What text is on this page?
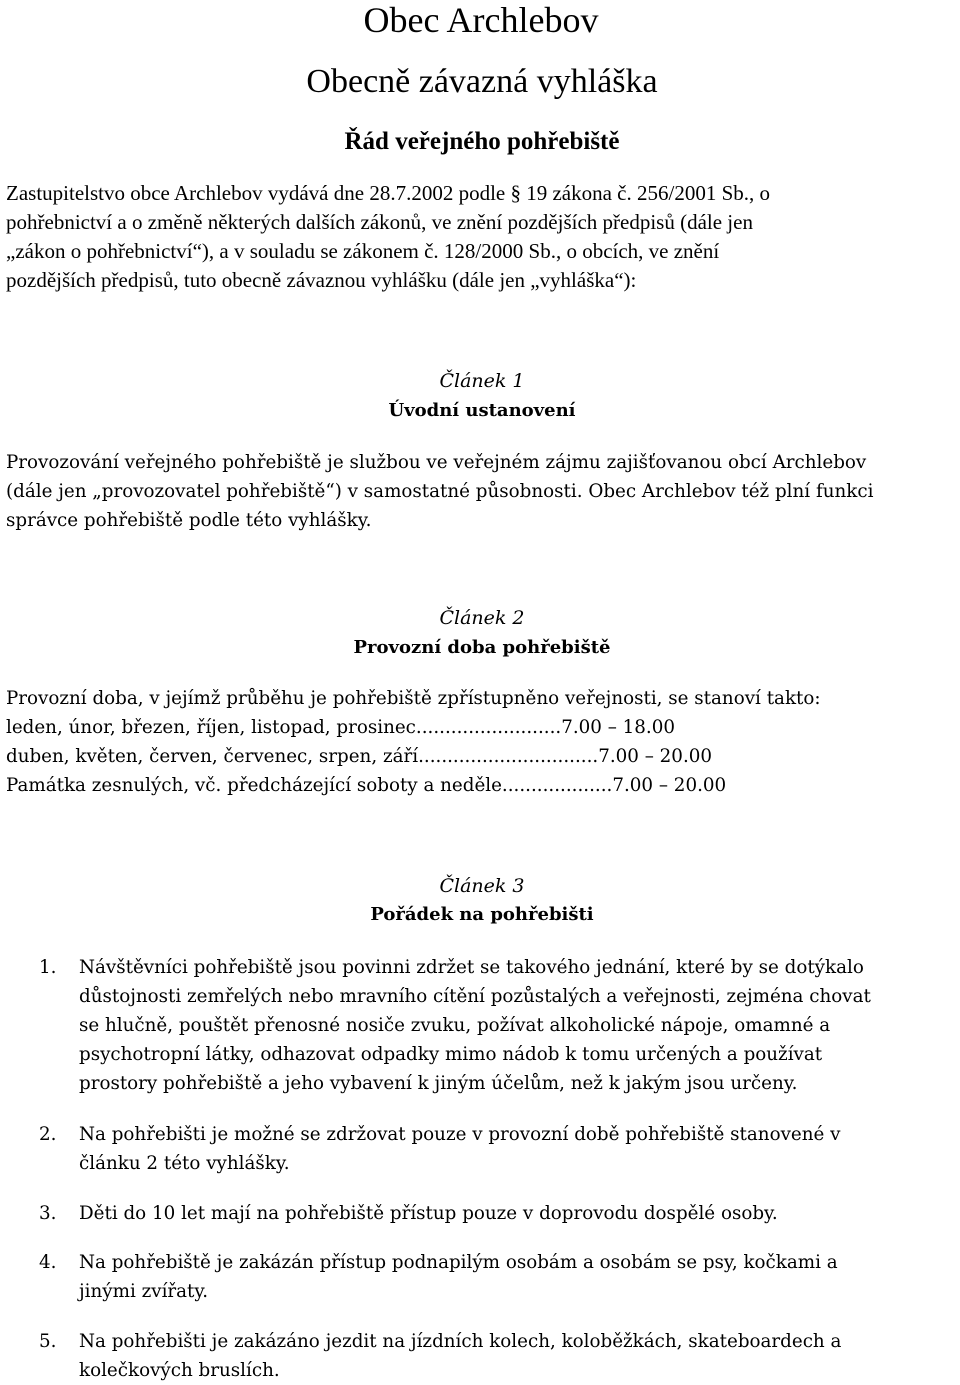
Obec Archlebov
Obecně závazná vyhláška
Řád veřejného pohřebiště

Zastupitelstvo obce Archlebov vydává dne 28.7.2002 podle § 19 zákona č. 256/2001 Sb., o
pohřebnictví a o změně některých dalších zákonů, ve znění pozdějších předpisů (dále jen
„zákon o pohřebnictví“), a v souladu se zákonem č. 128/2000 Sb., o obcích, ve znění
pozdějších předpisů, tuto obecně závaznou vyhlášku (dále jen „vyhláška“):

Článek 1
Úvodní ustanovení

Provozování veřejného pohřebiště je službou ve veřejném zájmu zajišťovanou obcí Archlebov
(dále jen „provozovatel pohřebiště“) v samostatné působnosti. Obec Archlebov též plní funkci
správce pohřebiště podle této vyhlášky.

Článek 2
Provozní doba pohřebiště

Provozní doba, v jejímž průběhu je pohřebiště zpřístupněno veřejnosti, se stanoví takto:
leden, únor, březen, říjen, listopad, prosinec.........................7.00 – 18.00
duben, květen, červen, červenec, srpen, září...............................7.00 – 20.00
Památka zesnulých, vč. předcházející soboty a neděle...................7.00 – 20.00

Článek 3
Pořádek na pohřebišti
1. Návštěvníci pohřebiště jsou povinni zdržet se takového jednání, které by se dotýkalo
důstojnosti zemřelých nebo mravního cítění pozůstalých a veřejnosti, zejména chovat
se hlučně, pouštět přenosné nosiče zvuku, požívat alkoholické nápoje, omamné a
psychotropní látky, odhazovat odpadky mimo nádob k tomu určených a používat
prostory pohřebiště a jeho vybavení k jiným účelům, než k jakým jsou určeny.
2. Na pohřebišti je možné se zdržovat pouze v provozní době pohřebiště stanovené v
článku 2 této vyhlášky.
3. Děti do 10 let mají na pohřebiště přístup pouze v doprovodu dospělé osoby.
4. Na pohřebiště je zakázán přístup podnapilým osobám a osobám se psy, kočkami a
jinými zvířaty.
5. Na pohřebišti je zakázáno jezdit na jízdních kolech, koloběžkách, skateboardech a
kolečkových bruslích.
